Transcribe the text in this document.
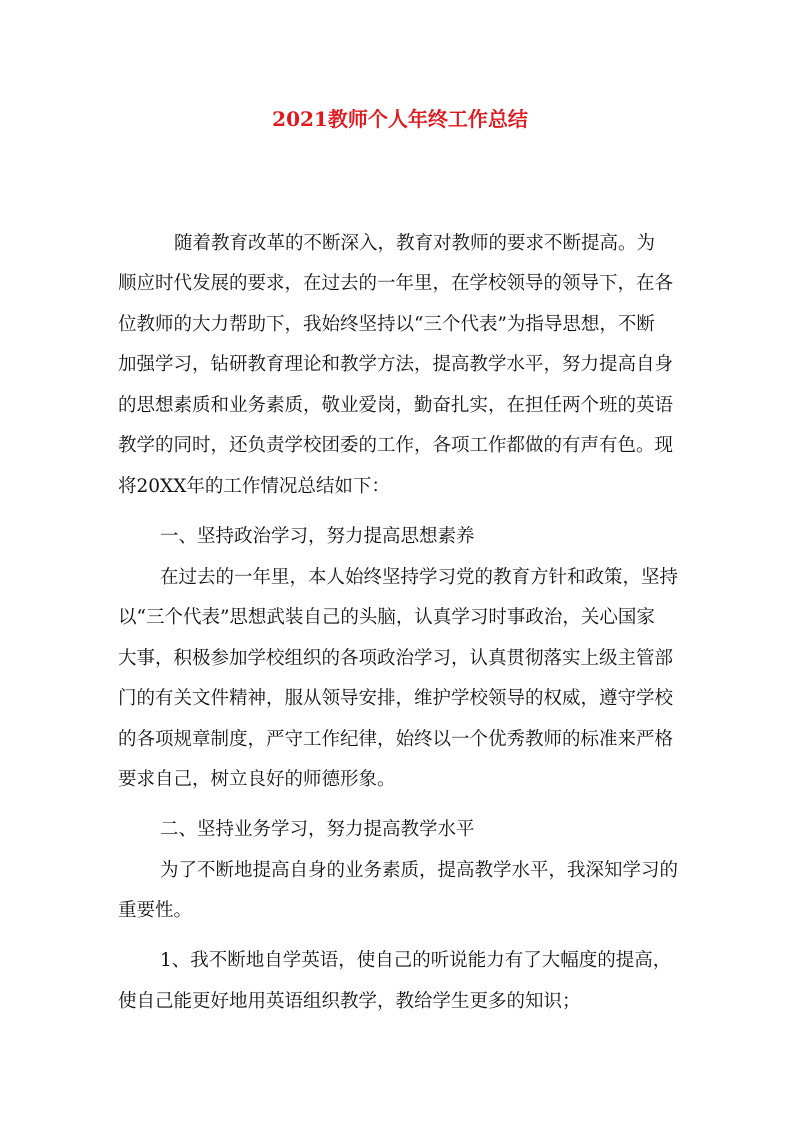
2021教师个人年终工作总结
随着教育改革的不断深入，教育对教师的要求不断提高。为
顺应时代发展的要求，在过去的一年里，在学校领导的领导下，在各
位教师的大力帮助下，我始终坚持以“三个代表”为指导思想，不断
加强学习，钻研教育理论和教学方法，提高教学水平，努力提高自身
的思想素质和业务素质，敬业爱岗，勤奋扎实，在担任两个班的英语
教学的同时，还负责学校团委的工作，各项工作都做的有声有色。现
将20XX年的工作情况总结如下：
一、坚持政治学习，努力提高思想素养
在过去的一年里，本人始终坚持学习党的教育方针和政策，坚持
以“三个代表”思想武装自己的头脑，认真学习时事政治，关心国家
大事，积极参加学校组织的各项政治学习，认真贯彻落实上级主管部
门的有关文件精神，服从领导安排，维护学校领导的权威，遵守学校
的各项规章制度，严守工作纪律，始终以一个优秀教师的标准来严格
要求自己，树立良好的师德形象。
二、坚持业务学习，努力提高教学水平
为了不断地提高自身的业务素质，提高教学水平，我深知学习的
重要性。
1、我不断地自学英语，使自己的听说能力有了大幅度的提高，
使自己能更好地用英语组织教学，教给学生更多的知识；
